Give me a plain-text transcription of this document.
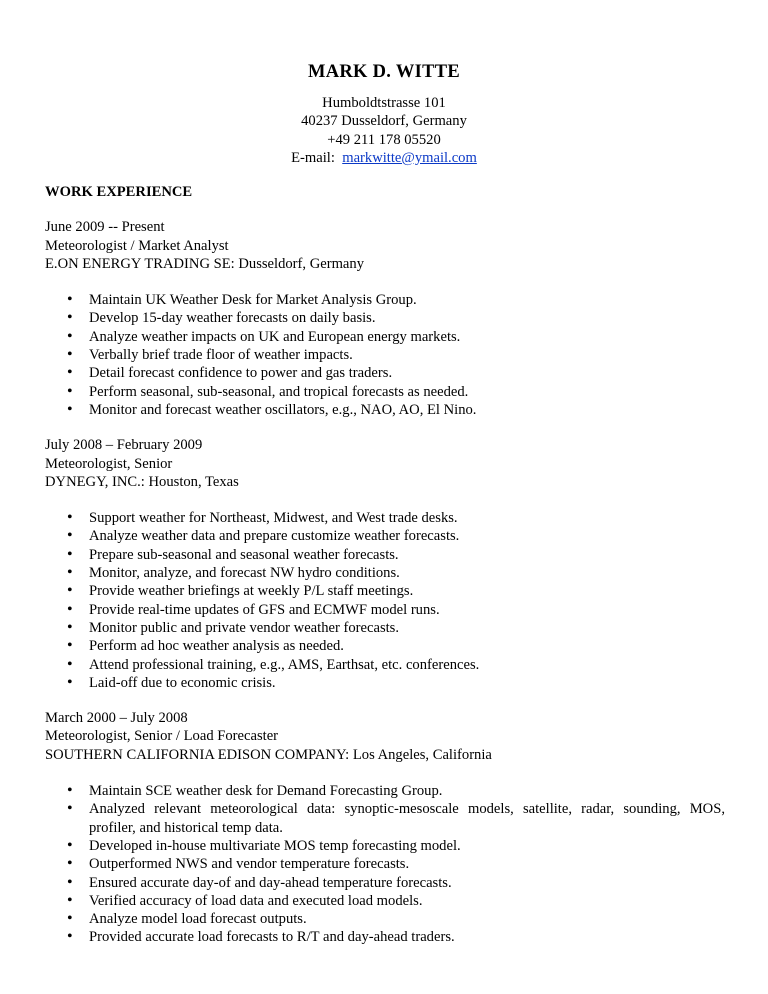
MARK D. WITTE

Humboldtstrasse 101

40237 Dusseldorf, Germany

+49 211 178 05520

E-mail: markwitte@ymail.com

WORK EXPERIENCE

June 2009 -- Present

Meteorologist / Market Analyst

E.ON ENERGY TRADING SE: Dusseldorf, Germany

• Maintain UK Weather Desk for Market Analysis Group.
• Develop 15-day weather forecasts on daily basis.
• Analyze weather impacts on UK and European energy markets.
• Verbally brief trade floor of weather impacts.
• Detail forecast confidence to power and gas traders.
• Perform seasonal, sub-seasonal, and tropical forecasts as needed.
• Monitor and forecast weather oscillators, e.g., NAO, AO, El Nino.

July 2008 – February 2009

Meteorologist, Senior

DYNEGY, INC.: Houston, Texas

• Support weather for Northeast, Midwest, and West trade desks.
• Analyze weather data and prepare customize weather forecasts.
• Prepare sub-seasonal and seasonal weather forecasts.
• Monitor, analyze, and forecast NW hydro conditions.
• Provide weather briefings at weekly P/L staff meetings.
• Provide real-time updates of GFS and ECMWF model runs.
• Monitor public and private vendor weather forecasts.
• Perform ad hoc weather analysis as needed.
• Attend professional training, e.g., AMS, Earthsat, etc. conferences.
• Laid-off due to economic crisis.

March 2000 – July 2008

Meteorologist, Senior / Load Forecaster

SOUTHERN CALIFORNIA EDISON COMPANY: Los Angeles, California

• Maintain SCE weather desk for Demand Forecasting Group.
• Analyzed relevant meteorological data: synoptic-mesoscale models, satellite, radar, sounding, MOS, profiler, and historical temp data.
• Developed in-house multivariate MOS temp forecasting model.
• Outperformed NWS and vendor temperature forecasts.
• Ensured accurate day-of and day-ahead temperature forecasts.
• Verified accuracy of load data and executed load models.
• Analyze model load forecast outputs.
• Provided accurate load forecasts to R/T and day-ahead traders.
